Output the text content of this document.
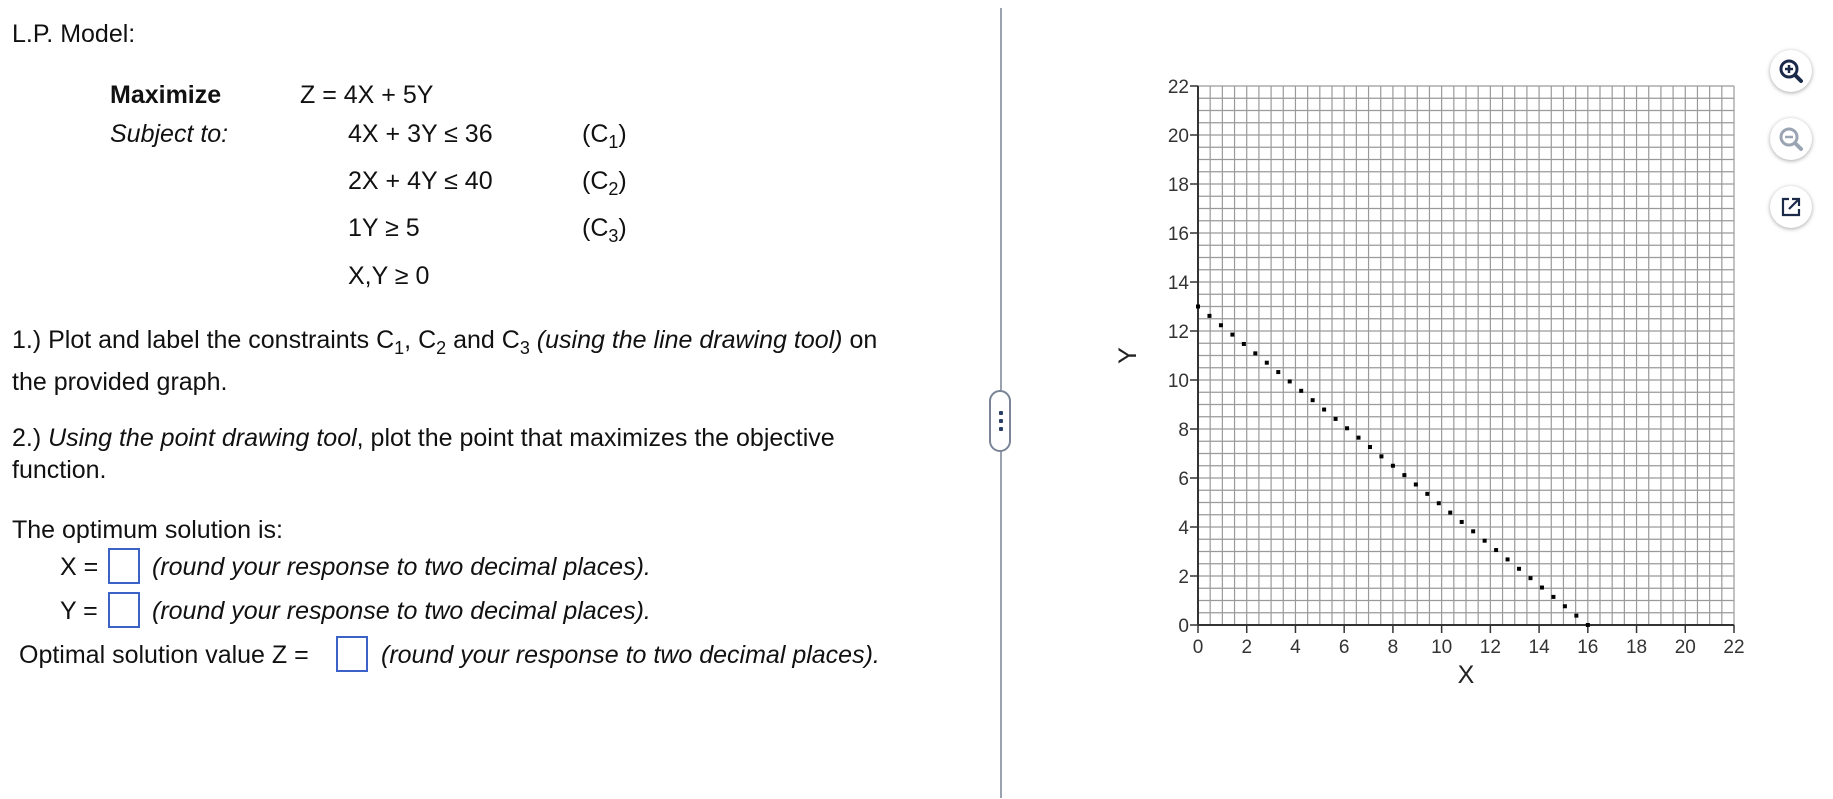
L.P. Model:
Maximize	Z = 4X + 5Y
Subject to:	4X + 3Y ≤ 36	$(C_1)$
2X + 4Y ≤ 40	$(C_2)$
1Y ≥ 5	$(C_3)$
X,Y ≥ 0
1.) Plot and label the constraints $C_1$, $C_2$ and $C_3$ (using the line drawing tool) on
the provided graph.
2.) Using the point drawing tool, plot the point that maximizes the objective
function.
The optimum solution is:
X = (round your response to two decimal places).
Y = (round your response to two decimal places).
Optimal solution value Z =	(round your response to two decimal places).	0 2 4 6 8 10 12 14 16 18 20 22
0
2
4
6
8
10
12
14
16
18
20
22
X
Y
